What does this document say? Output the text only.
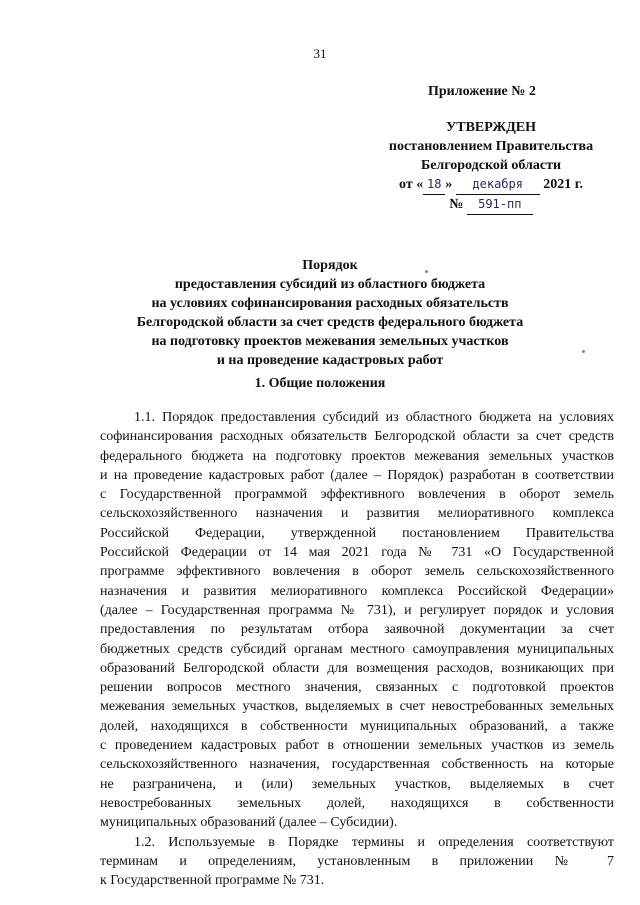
31
Приложение № 2
УТВЕРЖДЕН
постановлением Правительства
Белгородской области
от « 18 » декабря 2021 г.
№ 591-пп
Порядок
предоставления субсидий из областного бюджета
на условиях софинансирования расходных обязательств
Белгородской области за счет средств федерального бюджета
на подготовку проектов межевания земельных участков
и на проведение кадастровых работ
1. Общие положения
1.1. Порядок предоставления субсидий из областного бюджета на условиях
софинансирования расходных обязательств Белгородской области за счет средств
федерального бюджета на подготовку проектов межевания земельных участков
и на проведение кадастровых работ (далее – Порядок) разработан в соответствии
с Государственной программой эффективного вовлечения в оборот земель
сельскохозяйственного назначения и развития мелиоративного комплекса
Российской Федерации, утвержденной постановлением Правительства
Российской Федерации от 14 мая 2021 года № 731 «О Государственной
программе эффективного вовлечения в оборот земель сельскохозяйственного
назначения и развития мелиоративного комплекса Российской Федерации»
(далее – Государственная программа № 731), и регулирует порядок и условия
предоставления по результатам отбора заявочной документации за счет
бюджетных средств субсидий органам местного самоуправления муниципальных
образований Белгородской области для возмещения расходов, возникающих при
решении вопросов местного значения, связанных с подготовкой проектов
межевания земельных участков, выделяемых в счет невостребованных земельных
долей, находящихся в собственности муниципальных образований, а также
с проведением кадастровых работ в отношении земельных участков из земель
сельскохозяйственного назначения, государственная собственность на которые
не разграничена, и (или) земельных участков, выделяемых в счет
невостребованных земельных долей, находящихся в собственности
муниципальных образований (далее – Субсидии).
1.2. Используемые в Порядке термины и определения соответствуют
терминам и определениям, установленным в приложении № 7
к Государственной программе № 731.
